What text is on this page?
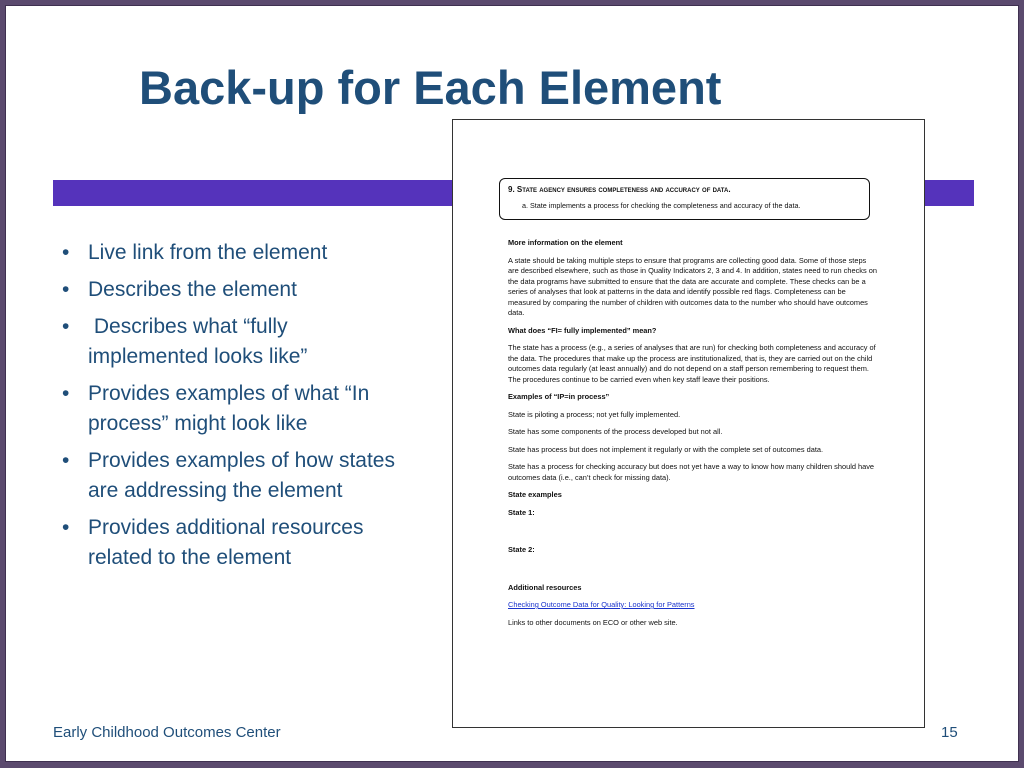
Back-up for Each Element
• Live link from the element
• Describes the element
• Describes what “fully implemented looks like”
• Provides examples of what “In process” might look like
• Provides examples of how states are addressing the element
• Provides additional resources related to the element
9. State agency ensures completeness and accuracy of data.
a. State implements a process for checking the completeness and accuracy of the data.

More information on the element

A state should be taking multiple steps to ensure that programs are collecting good data. Some of those steps are described elsewhere, such as those in Quality Indicators 2, 3 and 4. In addition, states need to run checks on the data programs have submitted to ensure that the data are accurate and complete. These checks can be a series of analyses that look at patterns in the data and identify possible red flags. Completeness can be measured by comparing the number of children with outcomes data to the number who should have outcomes data.

What does “FI= fully implemented” mean?

The state has a process (e.g., a series of analyses that are run) for checking both completeness and accuracy of the data. The procedures that make up the process are institutionalized, that is, they are carried out on the child outcomes data regularly (at least annually) and do not depend on a staff person remembering to request them. The procedures continue to be carried even when key staff leave their positions.

Examples of “IP=in process”

State is piloting a process; not yet fully implemented.

State has some components of the process developed but not all.

State has process but does not implement it regularly or with the complete set of outcomes data.

State has a process for checking accuracy but does not yet have a way to know how many children should have outcomes data (i.e., can’t check for missing data).

State examples

State 1:

State 2:

Additional resources

Checking Outcome Data for Quality: Looking for Patterns

Links to other documents on ECO or other web site.

Early Childhood Outcomes Center	15
